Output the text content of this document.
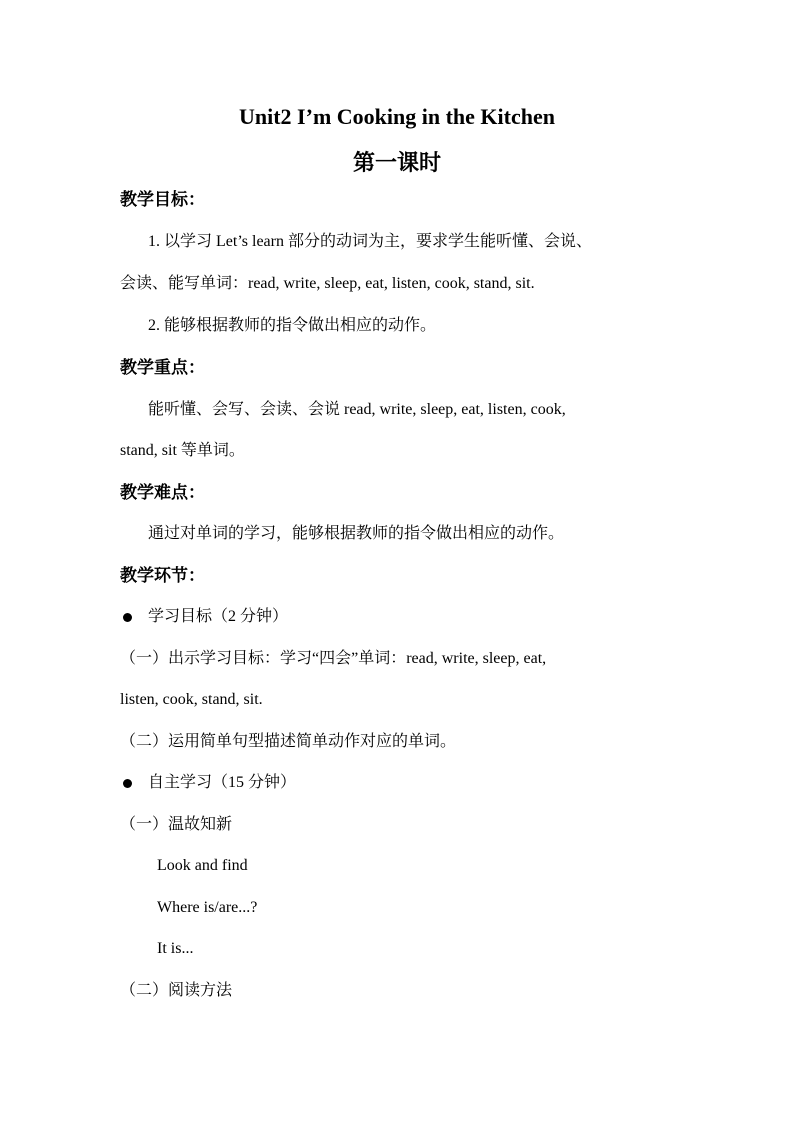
Unit2 I’m Cooking in the Kitchen
第一课时
教学目标：
1. 以学习 Let’s learn 部分的动词为主，要求学生能听懂、会说、
会读、能写单词：read, write, sleep, eat, listen, cook, stand, sit.
2. 能够根据教师的指令做出相应的动作。
教学重点：
能听懂、会写、会读、会说 read, write, sleep, eat, listen, cook,
stand, sit 等单词。
教学难点：
通过对单词的学习，能够根据教师的指令做出相应的动作。
教学环节：
学习目标（2 分钟）
（一）出示学习目标：学习“四会”单词：read, write, sleep, eat,
listen, cook, stand, sit.
（二）运用简单句型描述简单动作对应的单词。
自主学习（15 分钟）
（一）温故知新
Look and find
Where is/are...?
It is...
（二）阅读方法
